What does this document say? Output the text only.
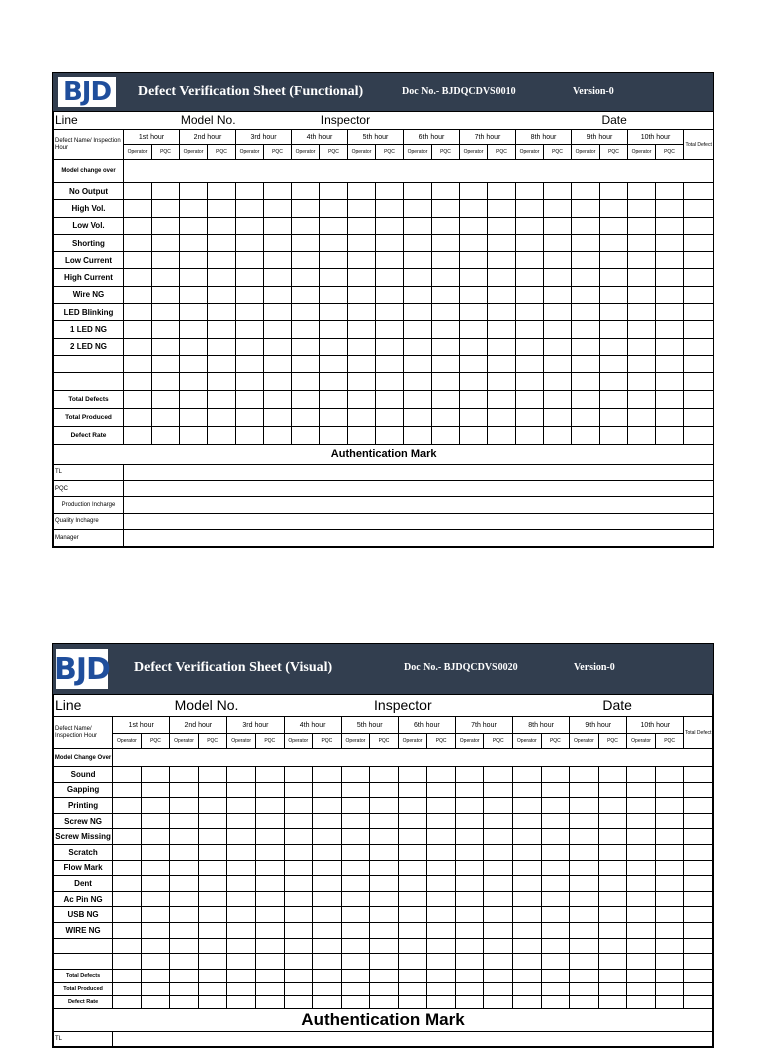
BJD Defect Verification Sheet (Functional)	Doc No.- BJDQCDVS0010	Version-0
Line Model No. Inspector Date																					

Defect Name/ Inspection Hour	1st hour		2nd hour		3rd hour		4th hour		5th hour		6th hour		7th hour		8th hour		9th hour		10th hour		Total Defect
	Operator	PQC	Operator	PQC	Operator	PQC	Operator	PQC	Operator	PQC	Operator	PQC	Operator	PQC	Operator	PQC	Operator	PQC	Operator	PQC	
Model change over																					
No Output																					
High Vol.																					
Low Vol.																					
Shorting																					
Low Current																					
High Current																					
Wire NG																					
LED Blinking																					
1 LED NG																					
2 LED NG																					

Total Defects																					
Total Produced																					
Defect Rate																					
Authentication Mark																					
TL																					
PQC																					
Production Incharge																					
Quality Inchagre																					
Manager																					
BJD Defect Verification Sheet (Visual)	Doc No.- BJDQCDVS0020	Version-0
Line Model No. Inspector Date																					

Defect Name/ Inspection Hour	1st hour		2nd hour		3rd hour		4th hour		5th hour		6th hour		7th hour		8th hour		9th hour		10th hour		Total Defect
	Operator	PQC	Operator	PQC	Operator	PQC	Operator	PQC	Operator	PQC	Operator	PQC	Operator	PQC	Operator	PQC	Operator	PQC	Operator	PQC	
Model Change Over																					
Sound																					
Gapping																					
Printing																					
Screw NG																					
Screw Missing																					
Scratch																					
Flow Mark																					
Dent																					
Ac Pin NG																					
USB NG																					
WIRE NG																					

Total Defects																					
Total Produced																					
Defect Rate																					
Authentication Mark																					
TL																					
